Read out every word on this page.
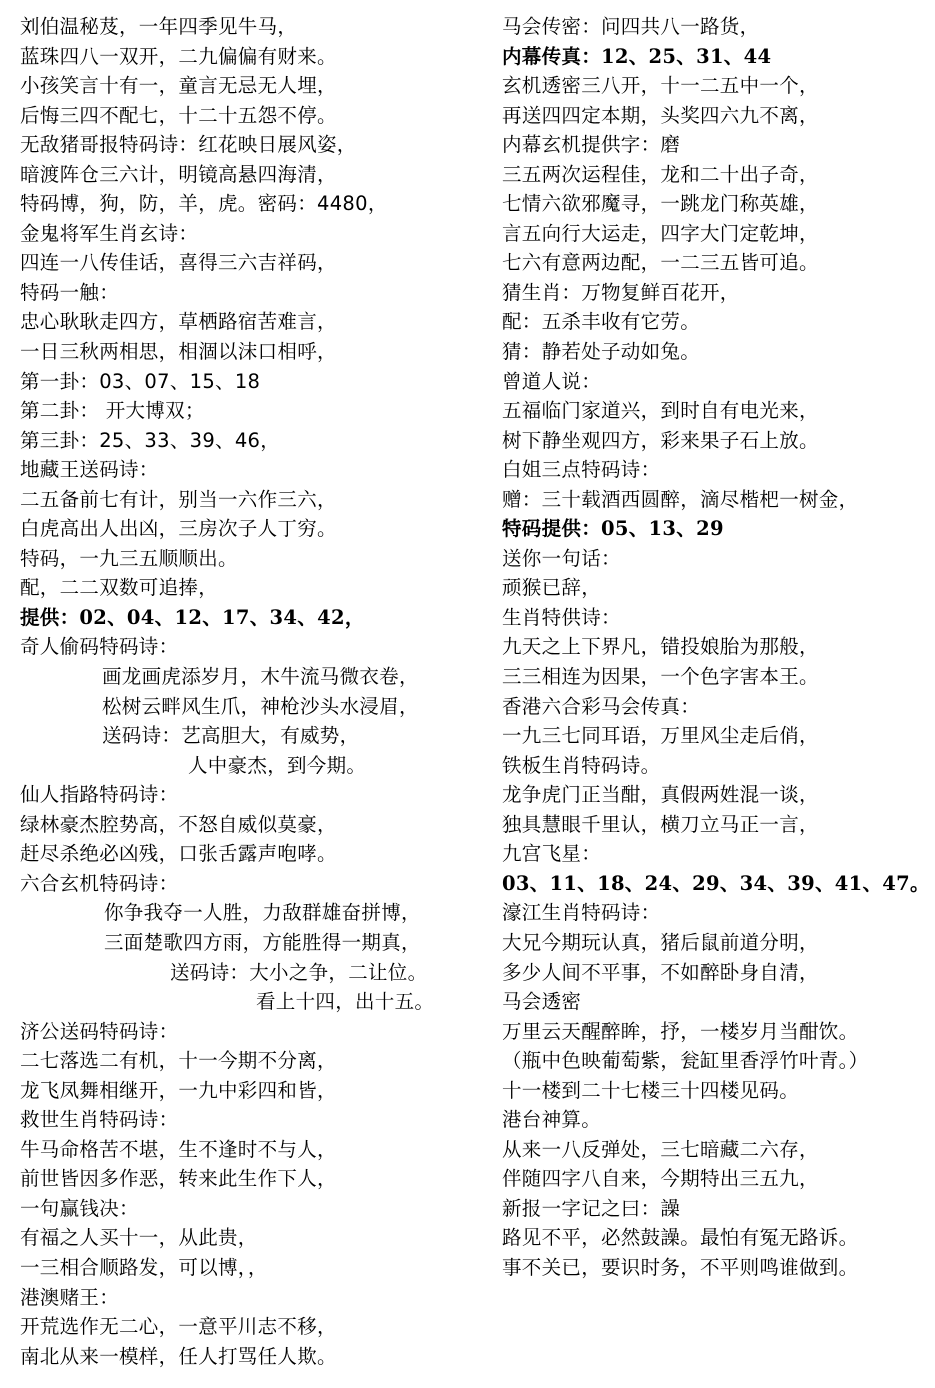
刘伯温秘芨，一年四季见牛马，
蓝珠四八一双开，二九偏偏有财来。
小孩笑言十有一，童言无忌无人埋，
后悔三四不配七，十二十五怨不停。
无敌猪哥报特码诗：红花映日展风姿，
暗渡阵仓三六计，明镜高悬四海清，
特码博，狗，防，羊，虎。密码：4480，
金鬼将军生肖玄诗：
四连一八传佳话，喜得三六吉祥码，
特码一触：
忠心耿耿走四方，草栖路宿苦难言，
一日三秋两相思，相涸以沫口相呼，
第一卦：03、07、15、18
第二卦： 开大博双；
第三卦：25、33、39、46，
地藏王送码诗：
二五备前七有计，别当一六作三六，
白虎高出人出凶，三房次子人丁穷。
特码，一九三五顺顺出。
配，二二双数可追捧，
提供：02、04、12、17、34、42，
奇人偷码特码诗：
画龙画虎添岁月，木牛流马微衣卷，
松树云畔风生爪，神枪沙头水浸眉，
送码诗：艺高胆大，有威势，
人中豪杰，到今期。
仙人指路特码诗：
绿林豪杰腔势高，不怒自威似莫豪，
赶尽杀绝必凶残，口张舌露声咆哮。
六合玄机特码诗：
你争我夺一人胜，力敌群雄奋拼博，
三面楚歌四方雨，方能胜得一期真，
送码诗：大小之争，二让位。
看上十四，出十五。
济公送码特码诗：
二七落选二有机，十一今期不分离，
龙飞凤舞相继开，一九中彩四和皆，
救世生肖特码诗：
牛马命格苦不堪，生不逢时不与人，
前世皆因多作恶，转来此生作下人，
一句赢钱决：
有福之人买十一，从此贵，
一三相合顺路发，可以博，，
港澳赌王：
开荒选作无二心，一意平川志不移，
南北从来一模样，任人打骂任人欺。
马会传密：问四共八一路货，
内幕传真：12、25、31、44
玄机透密三八开，十一二五中一个，
再送四四定本期，头奖四六九不离，
内幕玄机提供字：磨
三五两次运程佳，龙和二十出子奇，
七情六欲邪魔寻，一跳龙门称英雄，
言五向行大运走，四字大门定乾坤，
七六有意两边配，一二三五皆可追。
猜生肖：万物复鲜百花开，
配：五杀丰收有它劳。
猜：静若处子动如兔。
曾道人说：
五福临门家道兴，到时自有电光来，
树下静坐观四方，彩来果子石上放。
白姐三点特码诗：
赠：三十载酒西圆醉，滴尽楷杷一树金，
特码提供：05、13、29
送你一句话：
顽猴已辞，
生肖特供诗：
九天之上下界凡，错投娘胎为那般，
三三相连为因果，一个色字害本王。
香港六合彩马会传真：
一九三七同耳语，万里风尘走后俏，
铁板生肖特码诗。
龙争虎门正当酣，真假两姓混一谈，
独具慧眼千里认，横刀立马正一言，
九宫飞星：
03、11、18、24、29、34、39、41、47。
濠江生肖特码诗：
大兄今期玩认真，猪后鼠前道分明，
多少人间不平事，不如醉卧身自清，
马会透密
万里云天醒醉眸，抒，一楼岁月当酣饮。
（瓶中色映葡萄紫，瓮缸里香浮竹叶青。）
十一楼到二十七楼三十四楼见码。
港台神算。
从来一八反弹处，三七暗藏二六存，
伴随四字八自来，今期特出三五九，
新报一字记之曰：譟
路见不平，必然鼓譟。最怕有冤无路诉。
事不关已，要识时务，不平则鸣谁做到。
